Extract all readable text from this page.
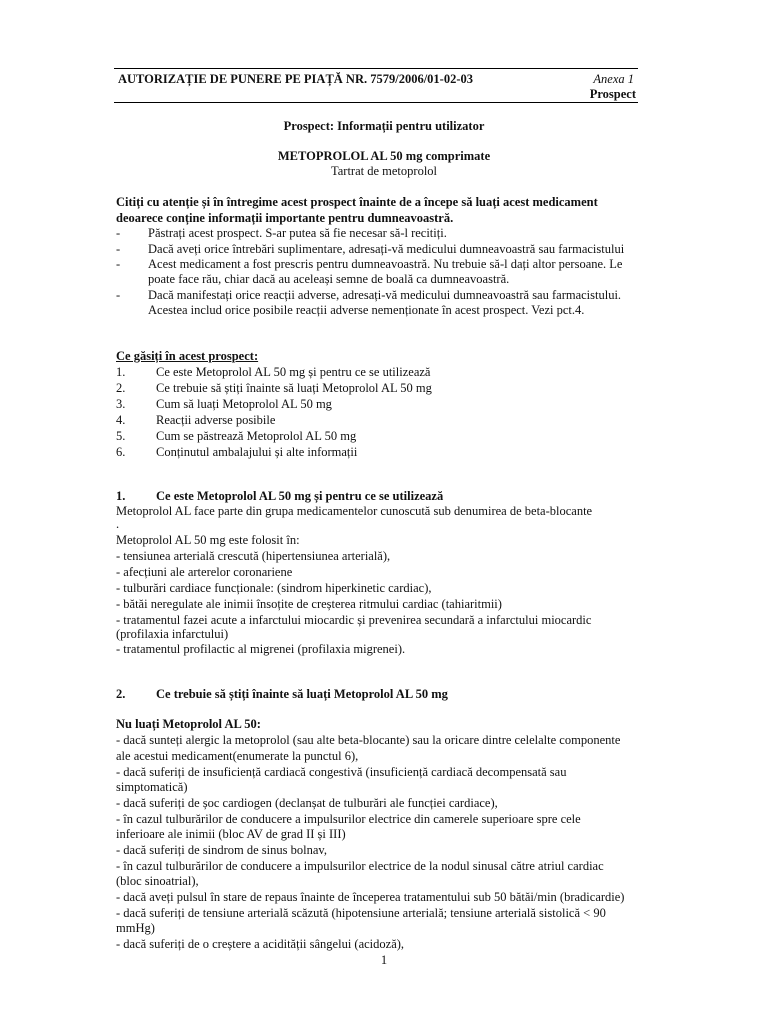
AUTORIZAȚIE DE PUNERE PE PIAȚĂ NR. 7579/2006/01-02-03	Anexa 1
Prospect
Prospect: Informații pentru utilizator
METOPROLOL AL 50 mg comprimate
Tartrat de metoprolol
Citiți cu atenție și în întregime acest prospect înainte de a începe să luați acest medicament
deoarece conține informații importante pentru dumneavoastră.
- Păstrați acest prospect. S-ar putea să fie necesar să-l recitiți.
- Dacă aveți orice întrebări suplimentare, adresați-vă medicului dumneavoastră sau farmacistului
- Acest medicament a fost prescris pentru dumneavoastră. Nu trebuie să-l dați altor persoane. Le
poate face rău, chiar dacă au aceleași semne de boală ca dumneavoastră.
- Dacă manifestați orice reacții adverse, adresați-vă medicului dumneavoastră sau farmacistului.
Acestea includ orice posibile reacții adverse nemenționate în acest prospect. Vezi pct.4.
Ce găsiți în acest prospect:
1. Ce este Metoprolol AL 50 mg și pentru ce se utilizează
2. Ce trebuie să știți înainte să luați Metoprolol AL 50 mg
3. Cum să luați Metoprolol AL 50 mg
4. Reacții adverse posibile
5. Cum se păstrează Metoprolol AL 50 mg
6. Conținutul ambalajului și alte informații
1. Ce este Metoprolol AL 50 mg și pentru ce se utilizează
Metoprolol AL face parte din grupa medicamentelor cunoscută sub denumirea de beta-blocante
.
Metoprolol AL 50 mg este folosit în:
- tensiunea arterială crescută (hipertensiunea arterială),
- afecțiuni ale arterelor coronariene
- tulburări cardiace funcționale: (sindrom hiperkinetic cardiac),
- bătăi neregulate ale inimii însoțite de creșterea ritmului cardiac (tahiaritmii)
- tratamentul fazei acute a infarctului miocardic și prevenirea secundară a infarctului miocardic
(profilaxia infarctului)
- tratamentul profilactic al migrenei (profilaxia migrenei).
2. Ce trebuie să știți înainte să luați Metoprolol AL 50 mg
Nu luați Metoprolol AL 50:
- dacă sunteți alergic la metoprolol (sau alte beta-blocante) sau la oricare dintre celelalte componente
ale acestui medicament(enumerate la punctul 6),
- dacă suferiți de insuficiență cardiacă congestivă (insuficiență cardiacă decompensată sau
simptomatică)
- dacă suferiți de șoc cardiogen (declanșat de tulburări ale funcției cardiace),
- în cazul tulburărilor de conducere a impulsurilor electrice din camerele superioare spre cele
inferioare ale inimii (bloc AV de grad II și III)
- dacă suferiți de sindrom de sinus bolnav,
- în cazul tulburărilor de conducere a impulsurilor electrice de la nodul sinusal către atriul cardiac
(bloc sinoatrial),
- dacă aveți pulsul în stare de repaus înainte de începerea tratamentului sub 50 bătăi/min (bradicardie)
- dacă suferiți de tensiune arterială scăzută (hipotensiune arterială; tensiune arterială sistolică < 90
mmHg)
- dacă suferiți de o creștere a acidității sângelui (acidoză),
1
